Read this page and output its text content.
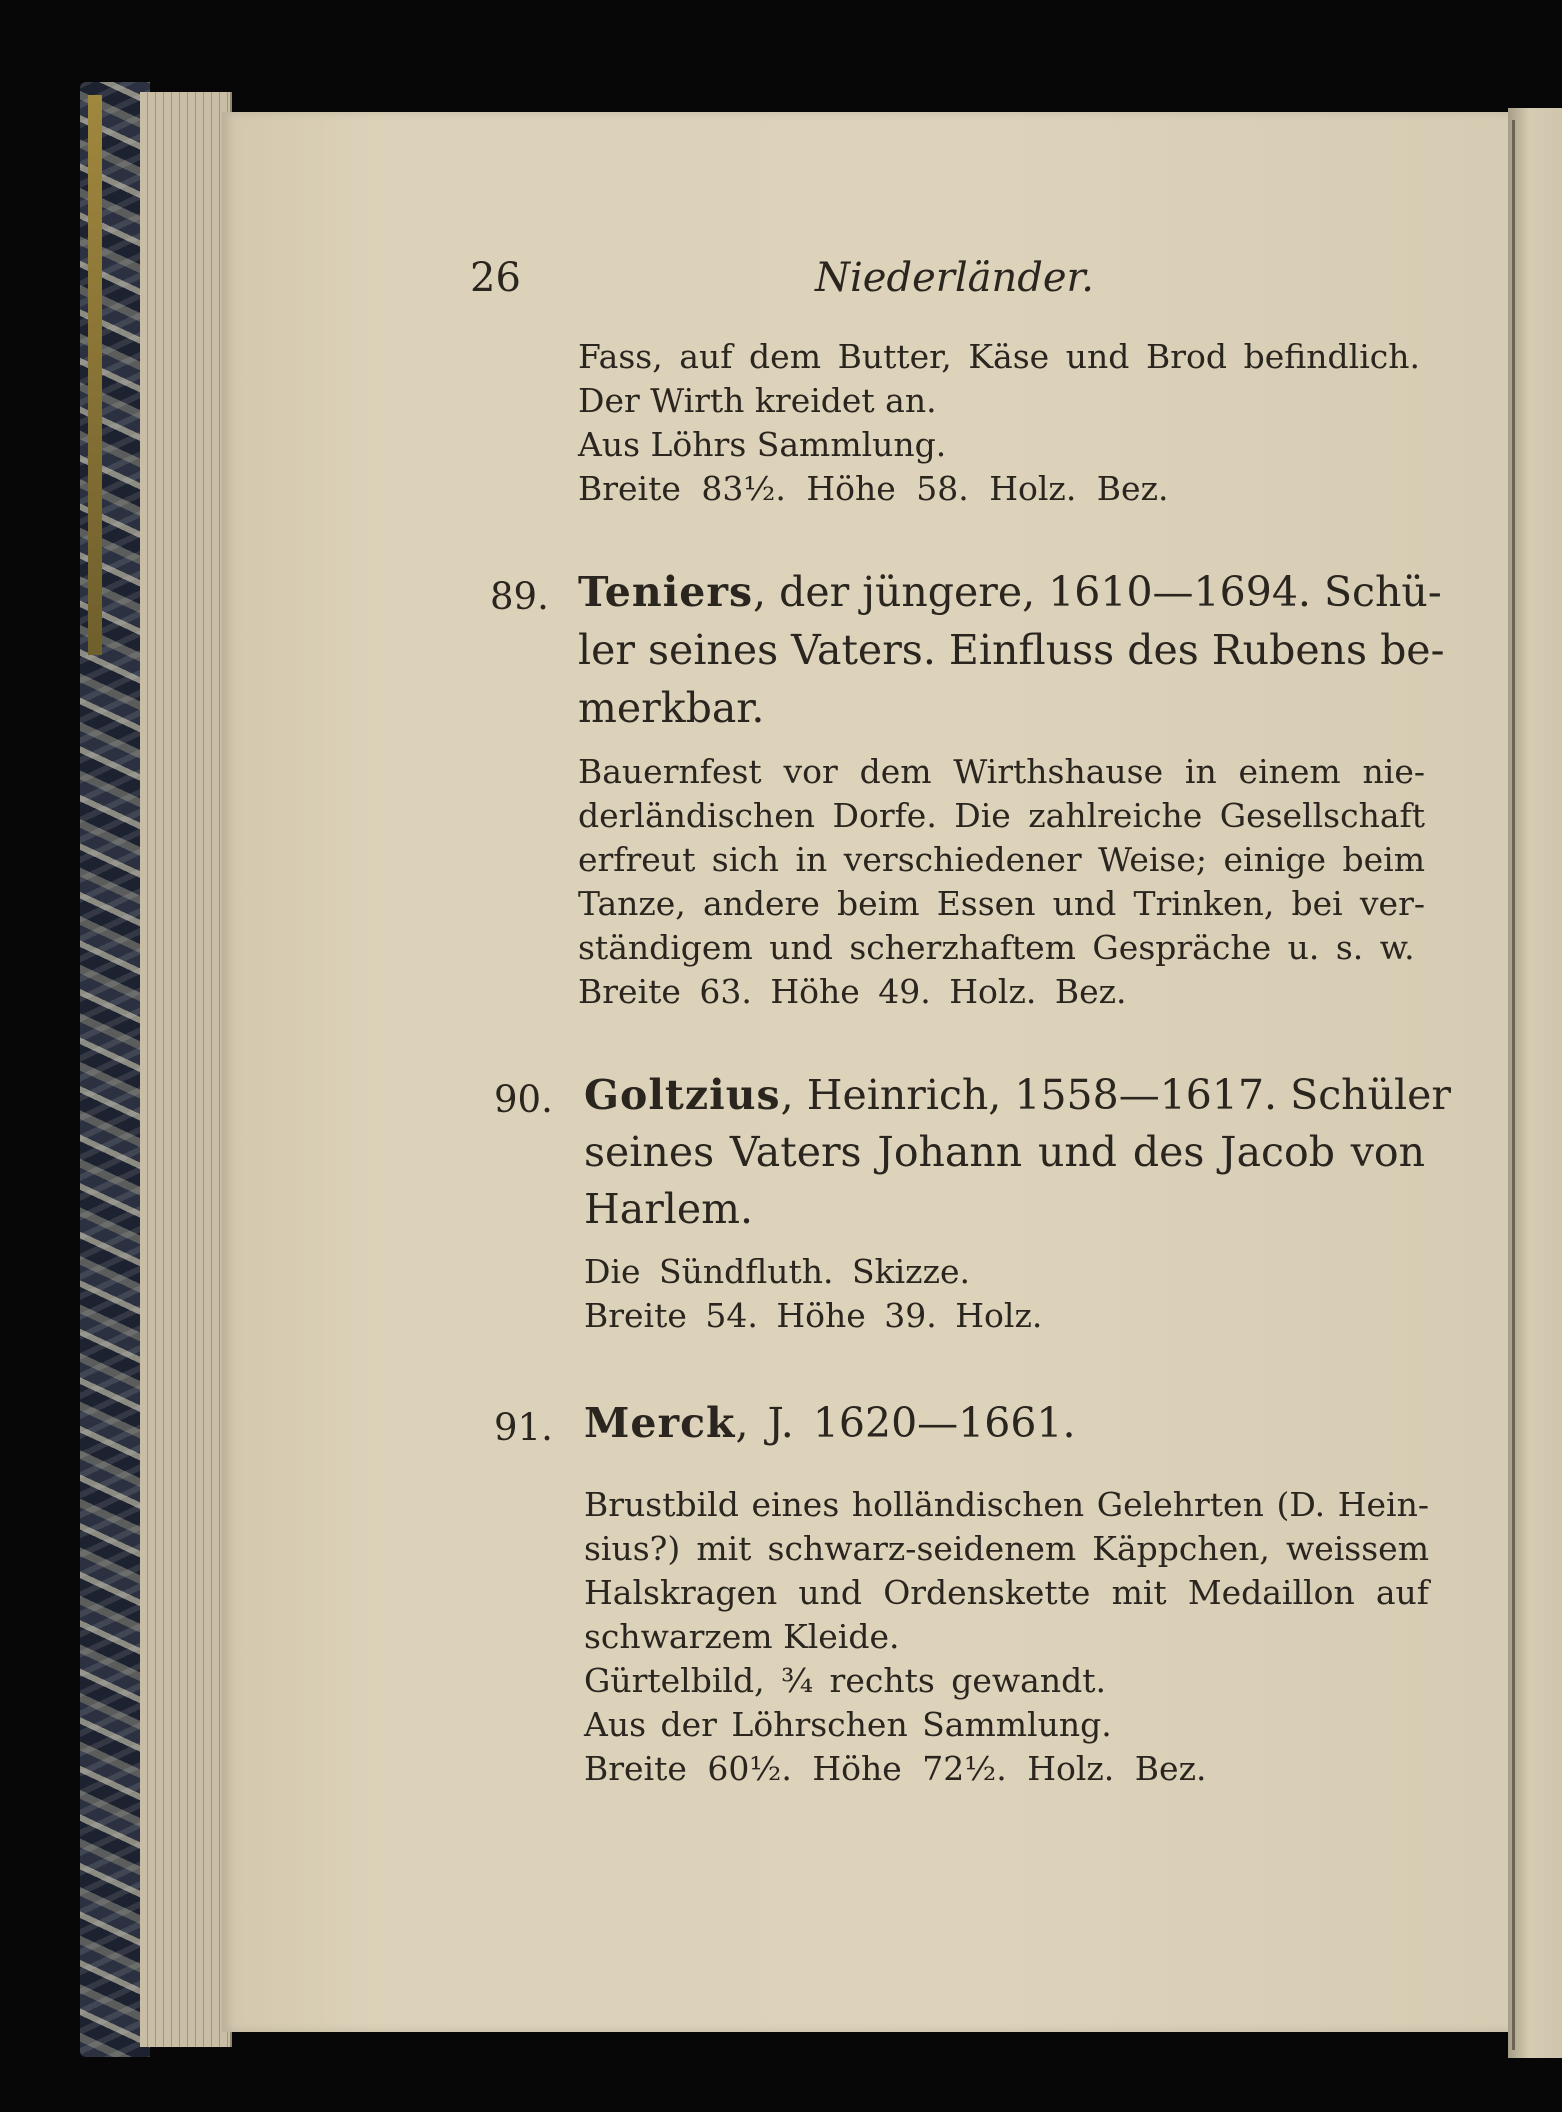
26	Niederländer.
Fass, auf dem Butter, Käse und Brod befindlich.
Der Wirth kreidet an.
Aus Löhrs Sammlung.
Breite 83½. Höhe 58. Holz. Bez.
89. Teniers , der jüngere, 1610—1694. Schü-
ler seines Vaters. Einfluss des Rubens be-
merkbar.
Bauernfest vor dem Wirthshause in einem nie-
derländischen Dorfe. Die zahlreiche Gesellschaft
erfreut sich in verschiedener Weise; einige beim
Tanze, andere beim Essen und Trinken, bei ver-
ständigem und scherzhaftem Gespräche u. s. w.
Breite 63. Höhe 49. Holz. Bez.
90. Goltzius , Heinrich, 1558—1617. Schüler
seines Vaters Johann und des Jacob von
Harlem.
Die Sündfluth. Skizze.
Breite 54. Höhe 39. Holz.
91. Merck , J. 1620—1661.
Brustbild eines holländischen Gelehrten (D. Hein-
sius?) mit schwarz-seidenem Käppchen, weissem
Halskragen und Ordenskette mit Medaillon auf
schwarzem Kleide.
Gürtelbild, ¾ rechts gewandt.
Aus der Löhrschen Sammlung.
Breite 60½. Höhe 72½. Holz. Bez.
